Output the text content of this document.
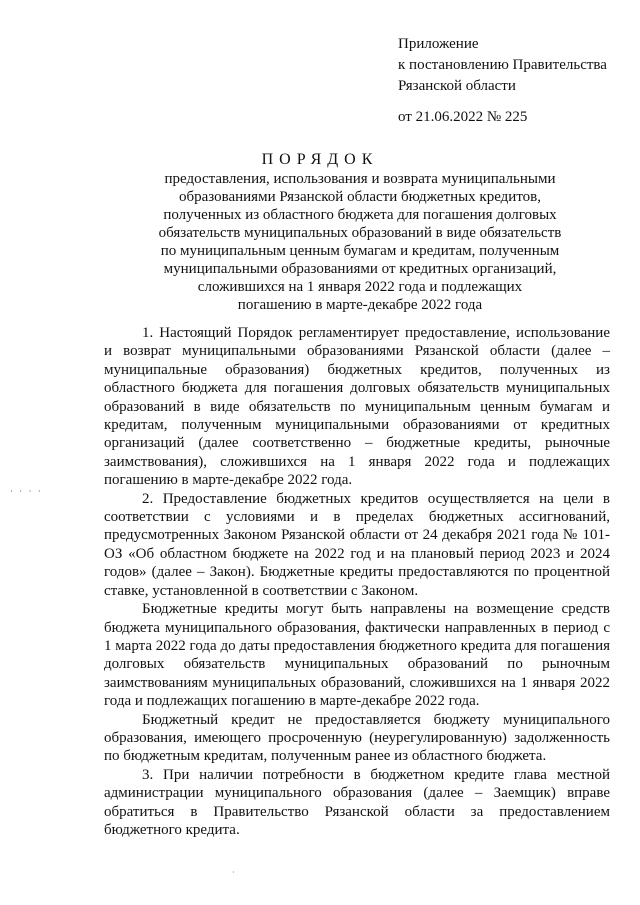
Приложение
к постановлению Правительства
Рязанской области
от 21.06.2022 № 225
ПОРЯДОК
предоставления, использования и возврата муниципальными
образованиями Рязанской области бюджетных кредитов,
полученных из областного бюджета для погашения долговых
обязательств муниципальных образований в виде обязательств
по муниципальным ценным бумагам и кредитам, полученным
муниципальными образованиями от кредитных организаций,
сложившихся на 1 января 2022 года и подлежащих
погашению в марте-декабре 2022 года

1. Настоящий Порядок регламентирует предоставление, использование и возврат муниципальными образованиями Рязанской области (далее – муниципальные образования) бюджетных кредитов, полученных из областного бюджета для погашения долговых обязательств муниципальных образований в виде обязательств по муниципальным ценным бумагам и кредитам, полученным муниципальными образованиями от кредитных организаций (далее соответственно – бюджетные кредиты, рыночные заимствования), сложившихся на 1 января 2022 года и подлежащих погашению в марте-декабре 2022 года.

2. Предоставление бюджетных кредитов осуществляется на цели в соответствии с условиями и в пределах бюджетных ассигнований, предусмотренных Законом Рязанской области от 24 декабря 2021 года № 101-ОЗ «Об областном бюджете на 2022 год и на плановый период 2023 и 2024 годов» (далее – Закон). Бюджетные кредиты предоставляются по процентной ставке, установленной в соответствии с Законом.

Бюджетные кредиты могут быть направлены на возмещение средств бюджета муниципального образования, фактически направленных в период с 1 марта 2022 года до даты предоставления бюджетного кредита для погашения долговых обязательств муниципальных образований по рыночным заимствованиям муниципальных образований, сложившихся на 1 января 2022 года и подлежащих погашению в марте-декабре 2022 года.

Бюджетный кредит не предоставляется бюджету муниципального образования, имеющего просроченную (неурегулированную) задолженность по бюджетным кредитам, полученным ранее из областного бюджета.

3. При наличии потребности в бюджетном кредите глава местной администрации муниципального образования (далее – Заемщик) вправе обратиться в Правительство Рязанской области за предоставлением бюджетного кредита.

· · · ·
·
